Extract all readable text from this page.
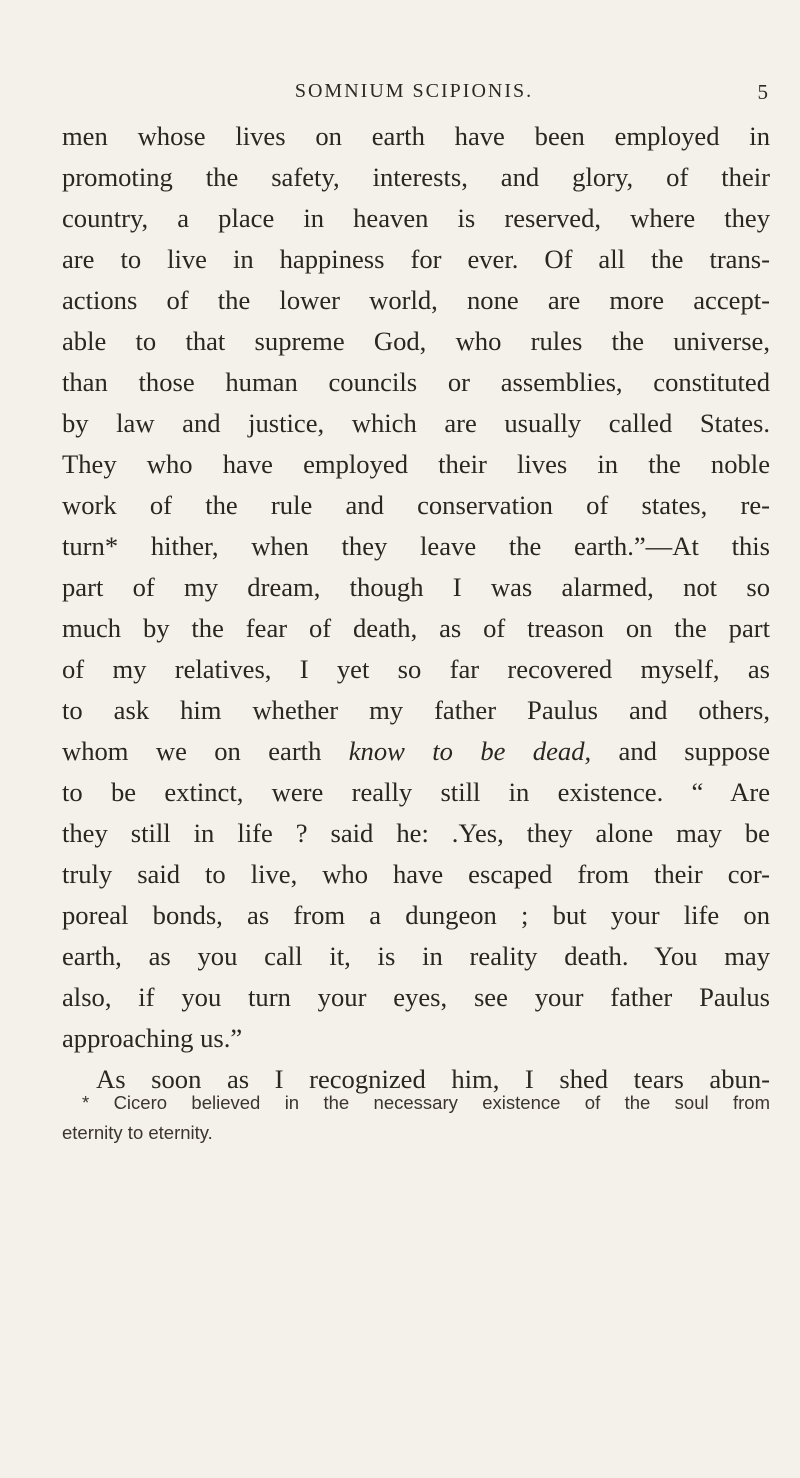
SOMNIUM SCIPIONIS.	5
men whose lives on earth have been employed in
promoting the safety, interests, and glory, of their
country, a place in heaven is reserved, where they
are to live in happiness for ever. Of all the trans-
actions of the lower world, none are more accept-
able to that supreme God, who rules the universe,
than those human councils or assemblies, constituted
by law and justice, which are usually called States.
They who have employed their lives in the noble
work of the rule and conservation of states, re-
turn* hither, when they leave the earth.”—At this
part of my dream, though I was alarmed, not so
much by the fear of death, as of treason on the part
of my relatives, I yet so far recovered myself, as
to ask him whether my father Paulus and others,
whom we on earth know to be dead, and suppose
to be extinct, were really still in existence. “ Are
they still in life ? said he: .Yes, they alone may be
truly said to live, who have escaped from their cor-
poreal bonds, as from a dungeon ; but your life on
earth, as you call it, is in reality death. You may
also, if you turn your eyes, see your father Paulus
approaching us.”
As soon as I recognized him, I shed tears abun-
* Cicero believed in the necessary existence of the soul from
eternity to eternity.
